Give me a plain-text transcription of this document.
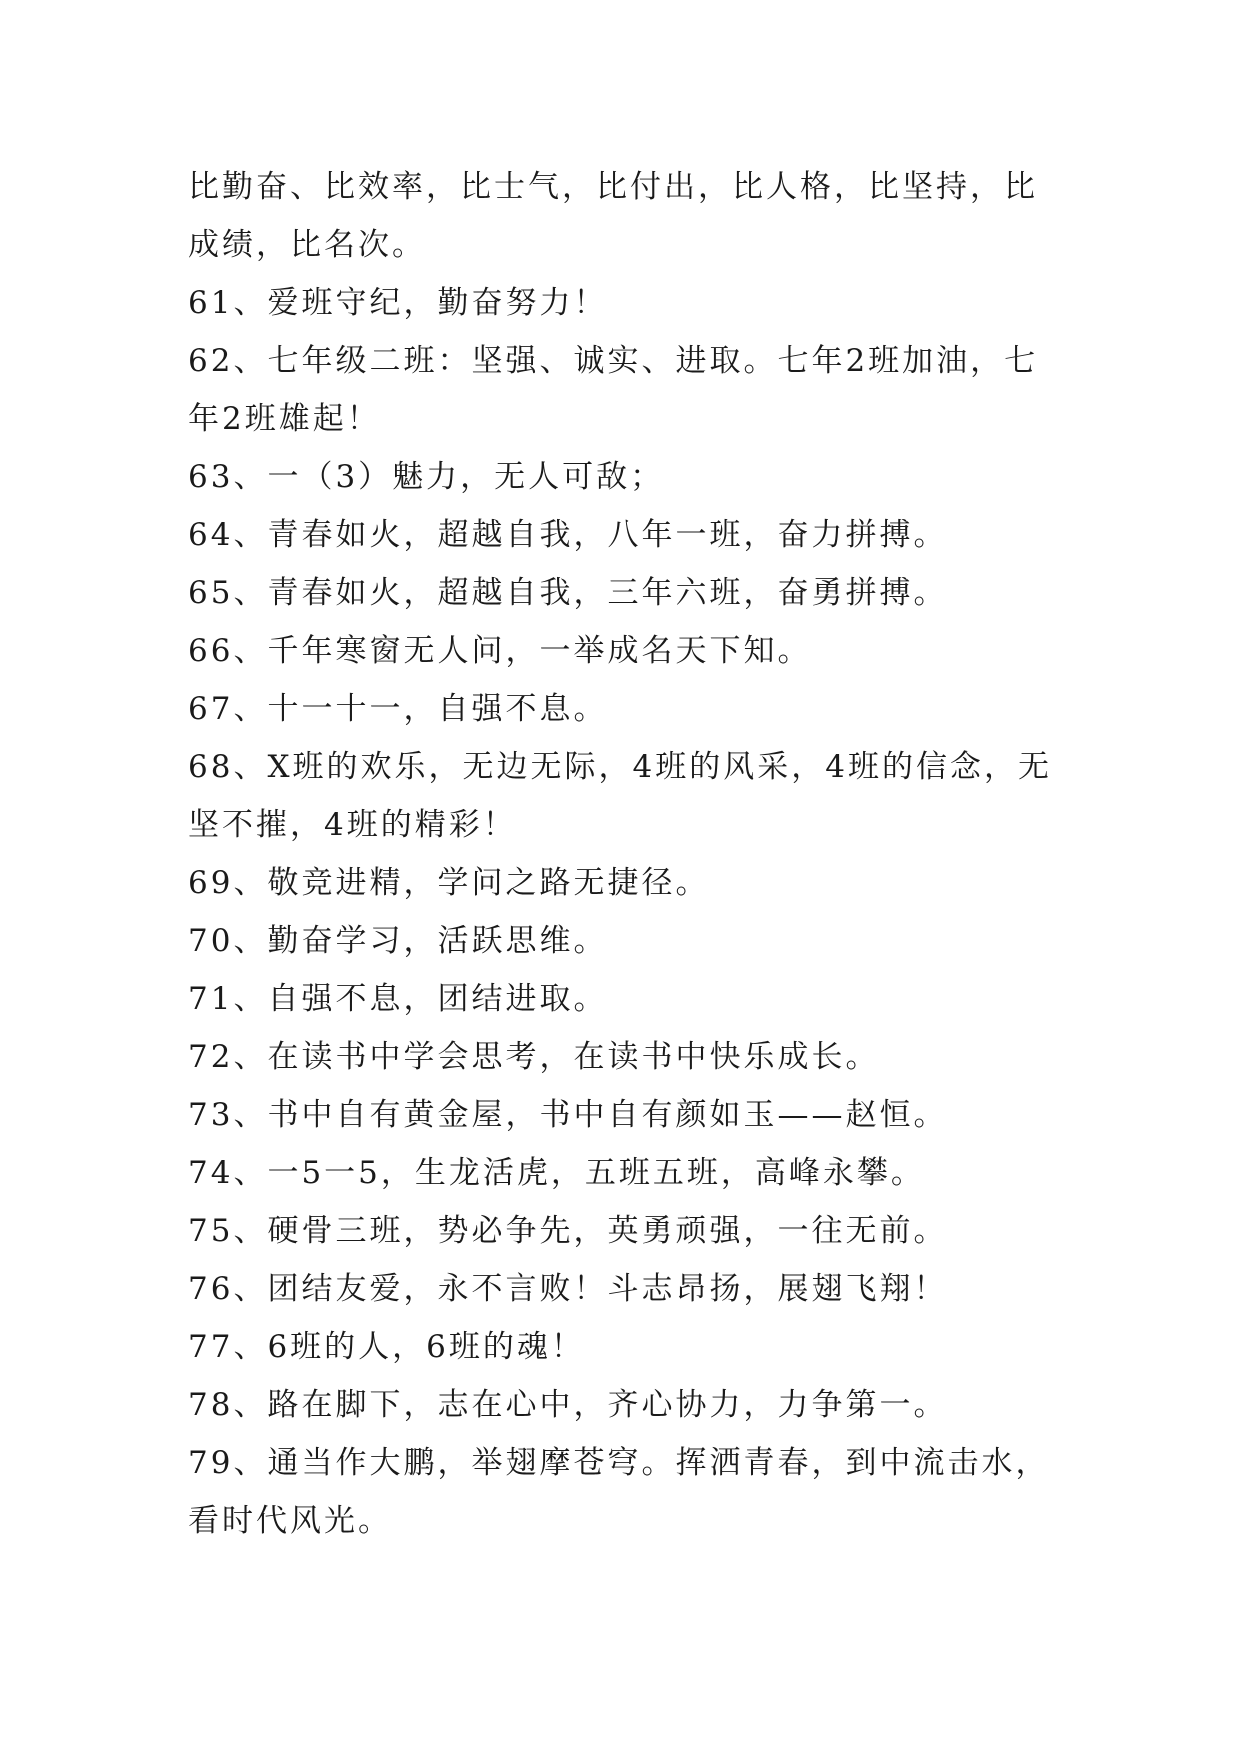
比勤奋、比效率，比士气，比付出，比人格，比坚持，比成绩，比名次。

61、爱班守纪，勤奋努力！

62、七年级二班：坚强、诚实、进取。七年2班加油，七年2班雄起！

63、一（3）魅力，无人可敌；

64、青春如火，超越自我，八年一班，奋力拼搏。

65、青春如火，超越自我，三年六班，奋勇拼搏。

66、千年寒窗无人问，一举成名天下知。

67、十一十一，自强不息。

68、X班的欢乐，无边无际，4班的风采，4班的信念，无坚不摧，4班的精彩！

69、敬竞进精，学问之路无捷径。

70、勤奋学习，活跃思维。

71、自强不息，团结进取。

72、在读书中学会思考，在读书中快乐成长。

73、书中自有黄金屋，书中自有颜如玉——赵恒。

74、一5一5，生龙活虎，五班五班，高峰永攀。

75、硬骨三班，势必争先，英勇顽强，一往无前。

76、团结友爱，永不言败！斗志昂扬，展翅飞翔！

77、6班的人，6班的魂！

78、路在脚下，志在心中，齐心协力，力争第一。

79、通当作大鹏，举翅摩苍穹。挥洒青春，到中流击水，看时代风光。
